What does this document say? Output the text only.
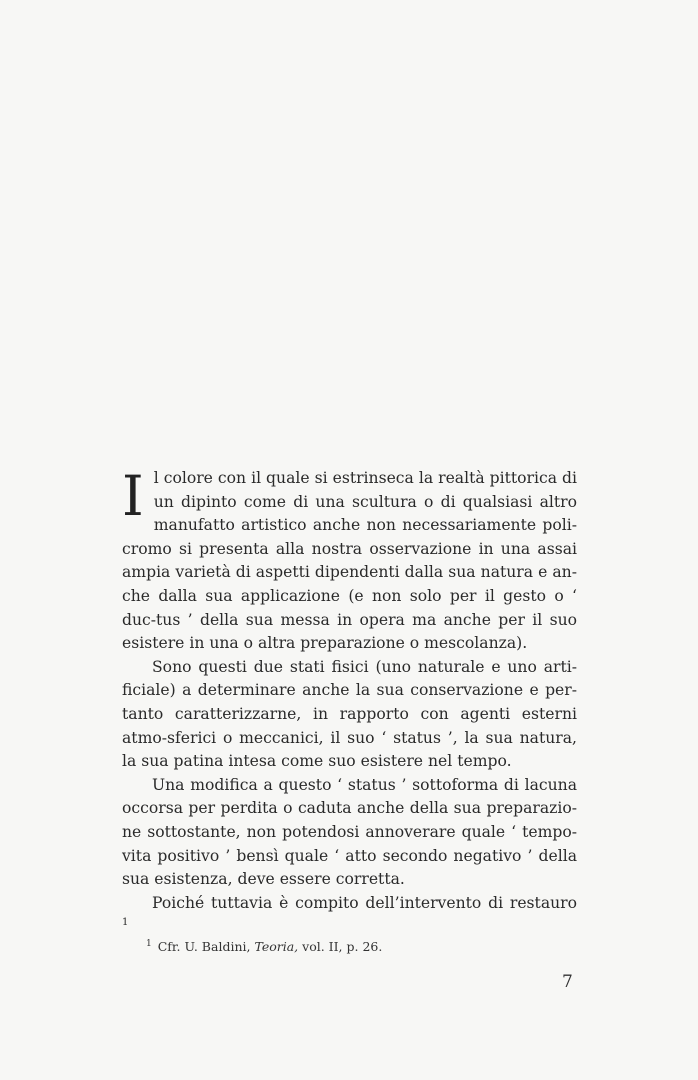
Il colore con il quale si estrinseca la realtà pittorica di un dipinto come di una scultura o di qualsiasi altro manufatto artistico anche non necessariamente poli-cromo si presenta alla nostra osservazione in una assai ampia varietà di aspetti dipendenti dalla sua natura e an-che dalla sua applicazione (e non solo per il gesto o ‘ duc-tus ’ della sua messa in opera ma anche per il suo esistere in una o altra preparazione o mescolanza).

Sono questi due stati fisici (uno naturale e uno arti-ficiale) a determinare anche la sua conservazione e per-tanto caratterizzarne, in rapporto con agenti esterni atmo-sferici o meccanici, il suo ‘ status ’, la sua natura, la sua patina intesa come suo esistere nel tempo.

Una modifica a questo ‘ status ’ sottoforma di lacuna occorsa per perdita o caduta anche della sua preparazio-ne sottostante, non potendosi annoverare quale ‘ tempo-vita positivo ’ bensì quale ‘ atto secondo negativo ’ della sua esistenza, deve essere corretta.

Poiché tuttavia è compito dell’intervento di restauro $^1$

$^1$ Cfr. U. Baldini, Teoria, vol. II, p. 26.
7
